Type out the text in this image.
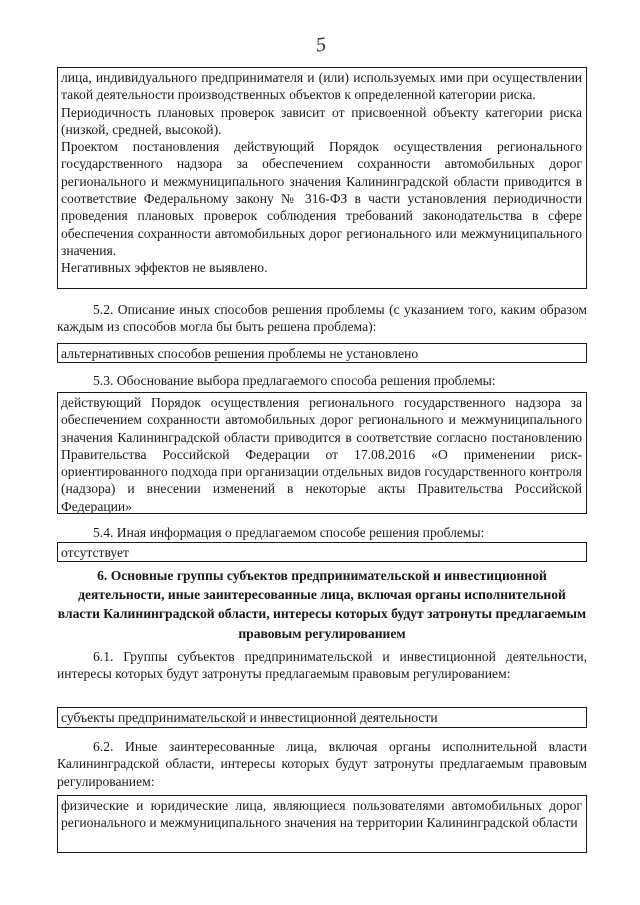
5

лица, индивидуального предпринимателя и (или) используемых ими при осуществлении такой деятельности производственных объектов к определенной категории риска.

Периодичность плановых проверок зависит от присвоенной объекту категории риска (низкой, средней, высокой).

Проектом постановления действующий Порядок осуществления регионального государственного надзора за обеспечением сохранности автомобильных дорог регионального и межмуниципального значения Калининградской области приводится в соответствие Федеральному закону № 316-ФЗ в части установления периодичности проведения плановых проверок соблюдения требований законодательства в сфере обеспечения сохранности автомобильных дорог регионального или межмуниципального значения.

Негативных эффектов не выявлено.

5.2. Описание иных способов решения проблемы (с указанием того, каким образом каждым из способов могла бы быть решена проблема):

альтернативных способов решения проблемы не установлено

5.3. Обоснование выбора предлагаемого способа решения проблемы:

действующий Порядок осуществления регионального государственного надзора за обеспечением сохранности автомобильных дорог регионального и межмуниципального значения Калининградской области приводится в соответствие согласно постановлению Правительства Российской Федерации от 17.08.2016 «О применении риск-ориентированного подхода при организации отдельных видов государственного контроля (надзора) и внесении изменений в некоторые акты Правительства Российской Федерации»

5.4. Иная информация о предлагаемом способе решения проблемы:

отсутствует

6. Основные группы субъектов предпринимательской и инвестиционной деятельности, иные заинтересованные лица, включая органы исполнительной власти Калининградской области, интересы которых будут затронуты предлагаемым правовым регулированием

6.1. Группы субъектов предпринимательской и инвестиционной деятельности, интересы которых будут затронуты предлагаемым правовым регулированием:

субъекты предпринимательской и инвестиционной деятельности

6.2. Иные заинтересованные лица, включая органы исполнительной власти Калининградской области, интересы которых будут затронуты предлагаемым правовым регулированием:

физические и юридические лица, являющиеся пользователями автомобильных дорог регионального и межмуниципального значения на территории Калининградской области
